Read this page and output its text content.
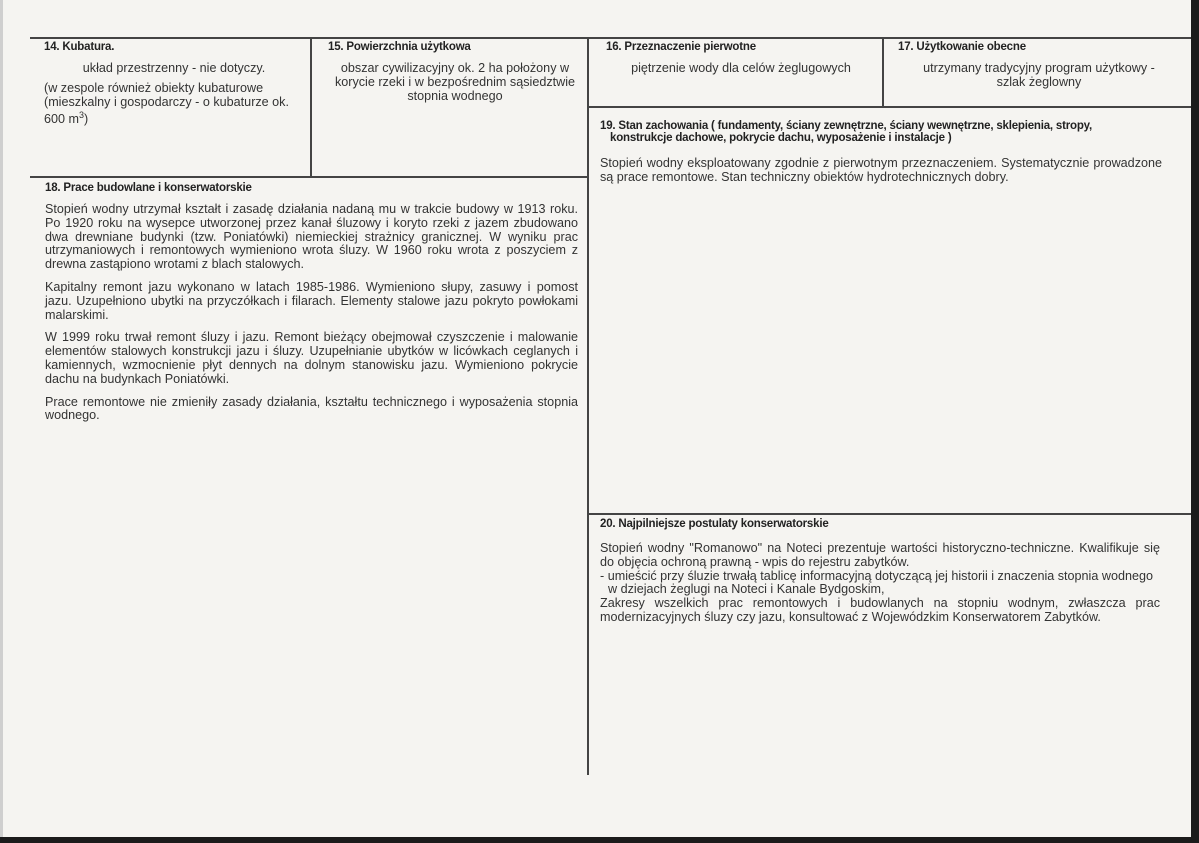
14. Kubatura.
układ przestrzenny - nie dotyczy.
(w zespole również obiekty kubaturowe (mieszkalny i gospodarczy - o kubaturze ok. 600 $m^3$)
15. Powierzchnia użytkowa
obszar cywilizacyjny ok. 2 ha położony w korycie rzeki i w bezpośrednim sąsiedztwie stopnia wodnego
16. Przeznaczenie pierwotne
piętrzenie wody dla celów żeglugowych
17. Użytkowanie obecne
utrzymany tradycyjny program użytkowy - szlak żeglowny
18. Prace budowlane i konserwatorskie

Stopień wodny utrzymał kształt i zasadę działania nadaną mu w trakcie budowy w 1913 roku. Po 1920 roku na wysepce utworzonej przez kanał śluzowy i koryto rzeki z jazem zbudowano dwa drewniane budynki (tzw. Poniatówki) niemieckiej strażnicy granicznej. W wyniku prac utrzymaniowych i remontowych wymieniono wrota śluzy. W 1960 roku wrota z poszyciem z drewna zastąpiono wrotami z blach stalowych.

Kapitalny remont jazu wykonano w latach 1985-1986. Wymieniono słupy, zasuwy i pomost jazu. Uzupełniono ubytki na przyczółkach i filarach. Elementy stalowe jazu pokryto powłokami malarskimi.

W 1999 roku trwał remont śluzy i jazu. Remont bieżący obejmował czyszczenie i malowanie elementów stalowych konstrukcji jazu i śluzy. Uzupełnianie ubytków w licówkach ceglanych i kamiennych, wzmocnienie płyt dennych na dolnym stanowisku jazu. Wymieniono pokrycie dachu na budynkach Poniatówki.

Prace remontowe nie zmieniły zasady działania, kształtu technicznego i wyposażenia stopnia wodnego.

19. Stan zachowania ( fundamenty, ściany zewnętrzne, ściany wewnętrzne, sklepienia, stropy,
konstrukcje dachowe, pokrycie dachu, wyposażenie i instalacje )
Stopień wodny eksploatowany zgodnie z pierwotnym przeznaczeniem. Systematycznie prowadzone są prace remontowe. Stan techniczny obiektów hydrotechnicznych dobry.
20. Najpilniejsze postulaty konserwatorskie
Stopień wodny "Romanowo" na Noteci prezentuje wartości historyczno-techniczne. Kwalifikuje się do objęcia ochroną prawną - wpis do rejestru zabytków.
- umieścić przy śluzie trwałą tablicę informacyjną dotyczącą jej historii i znaczenia stopnia wodnego w dziejach żeglugi na Noteci i Kanale Bydgoskim,
Zakresy wszelkich prac remontowych i budowlanych na stopniu wodnym, zwłaszcza prac modernizacyjnych śluzy czy jazu, konsultować z Wojewódzkim Konserwatorem Zabytków.
